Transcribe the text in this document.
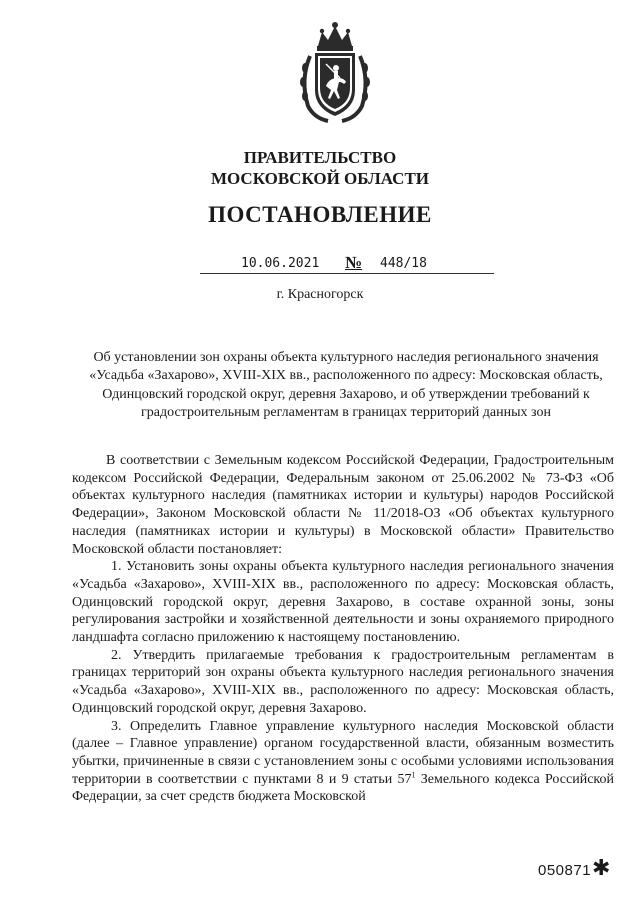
ПРАВИТЕЛЬСТВО
МОСКОВСКОЙ ОБЛАСТИ
ПОСТАНОВЛЕНИЕ
10.06.2021 № 448/18
г. Красногорск
Об установлении зон охраны объекта культурного наследия регионального значения «Усадьба «Захарово», XVIII-XIX вв., расположенного по адресу: Московская область, Одинцовский городской округ, деревня Захарово, и об утверждении требований к градостроительным регламентам в границах территорий данных зон

В соответствии с Земельным кодексом Российской Федерации, Градостроительным кодексом Российской Федерации, Федеральным законом от 25.06.2002 № 73-ФЗ «Об объектах культурного наследия (памятниках истории и культуры) народов Российской Федерации», Законом Московской области № 11/2018-ОЗ «Об объектах культурного наследия (памятниках истории и культуры) в Московской области» Правительство Московской области постановляет:

1. Установить зоны охраны объекта культурного наследия регионального значения «Усадьба «Захарово», XVIII-XIX вв., расположенного по адресу: Московская область, Одинцовский городской округ, деревня Захарово, в составе охранной зоны, зоны регулирования застройки и хозяйственной деятельности и зоны охраняемого природного ландшафта согласно приложению к настоящему постановлению.

2. Утвердить прилагаемые требования к градостроительным регламентам в границах территорий зон охраны объекта культурного наследия регионального значения «Усадьба «Захарово», XVIII-XIX вв., расположенного по адресу: Московская область, Одинцовский городской округ, деревня Захарово.

3. Определить Главное управление культурного наследия Московской области (далее – Главное управление) органом государственной власти, обязанным возместить убытки, причиненные в связи с установлением зоны с особыми условиями использования территории в соответствии с пунктами 8 и 9 статьи $57^1$ Земельного кодекса Российской Федерации, за счет средств бюджета Московской

050871 ✱
